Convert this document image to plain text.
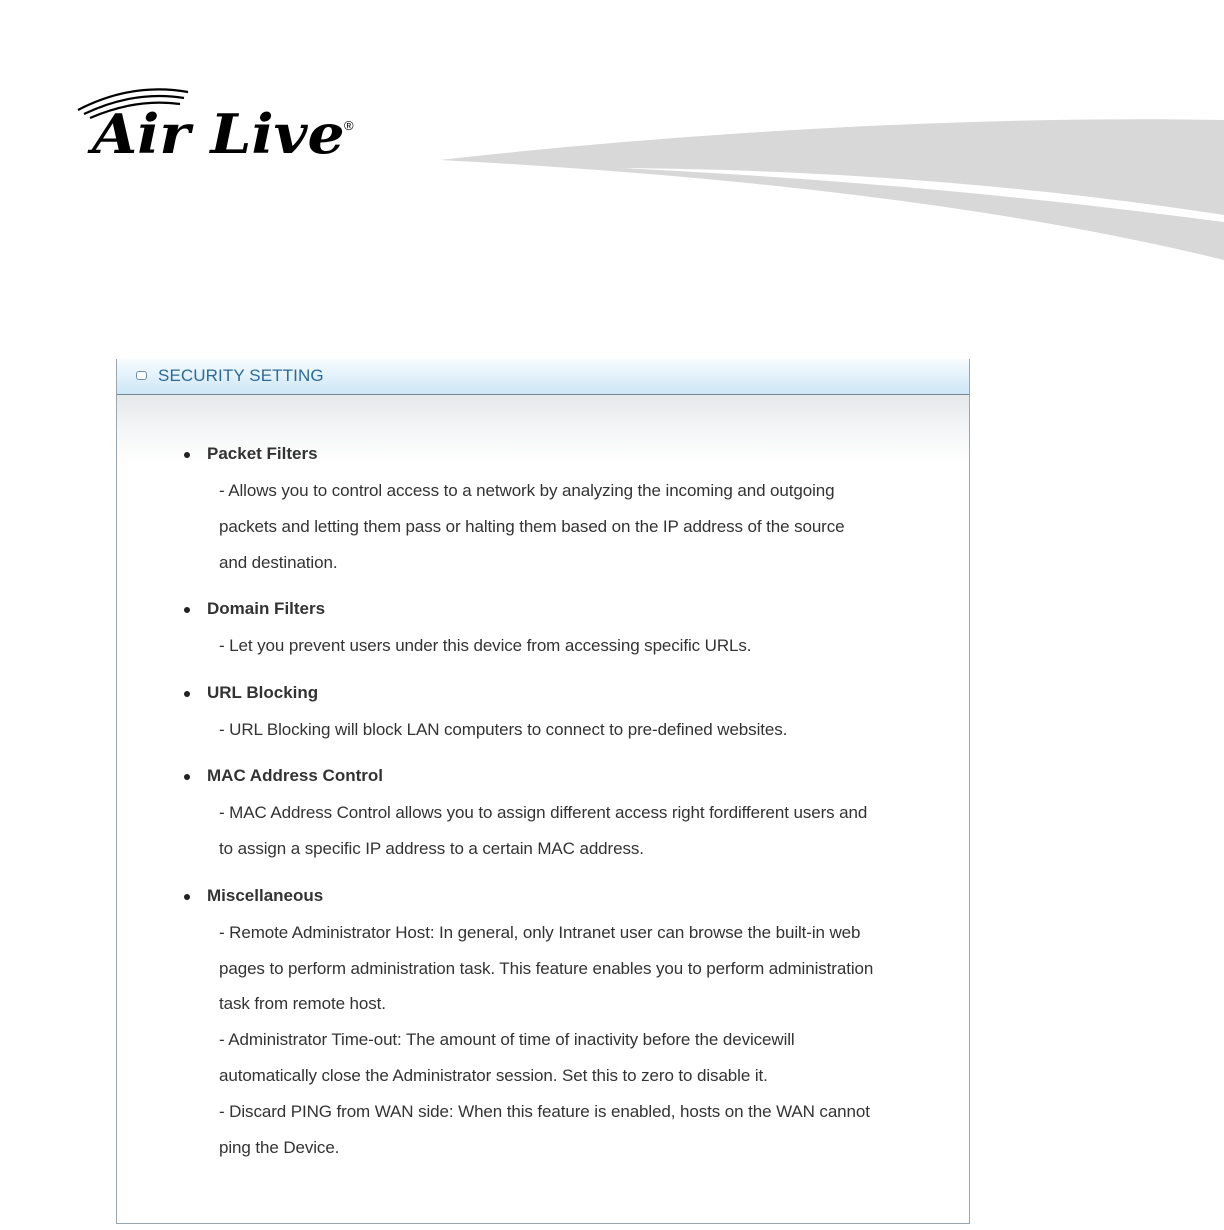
Air Live ®
SECURITY SETTING
Packet Filters
- Allows you to control access to a network by analyzing the incoming and outgoing
packets and letting them pass or halting them based on the IP address of the source
and destination.
Domain Filters
- Let you prevent users under this device from accessing specific URLs.
URL Blocking
- URL Blocking will block LAN computers to connect to pre-defined websites.
MAC Address Control
- MAC Address Control allows you to assign different access right fordifferent users and
to assign a specific IP address to a certain MAC address.
Miscellaneous
- Remote Administrator Host: In general, only Intranet user can browse the built-in web
pages to perform administration task. This feature enables you to perform administration
task from remote host.
- Administrator Time-out: The amount of time of inactivity before the devicewill
automatically close the Administrator session. Set this to zero to disable it.
- Discard PING from WAN side: When this feature is enabled, hosts on the WAN cannot
ping the Device.
